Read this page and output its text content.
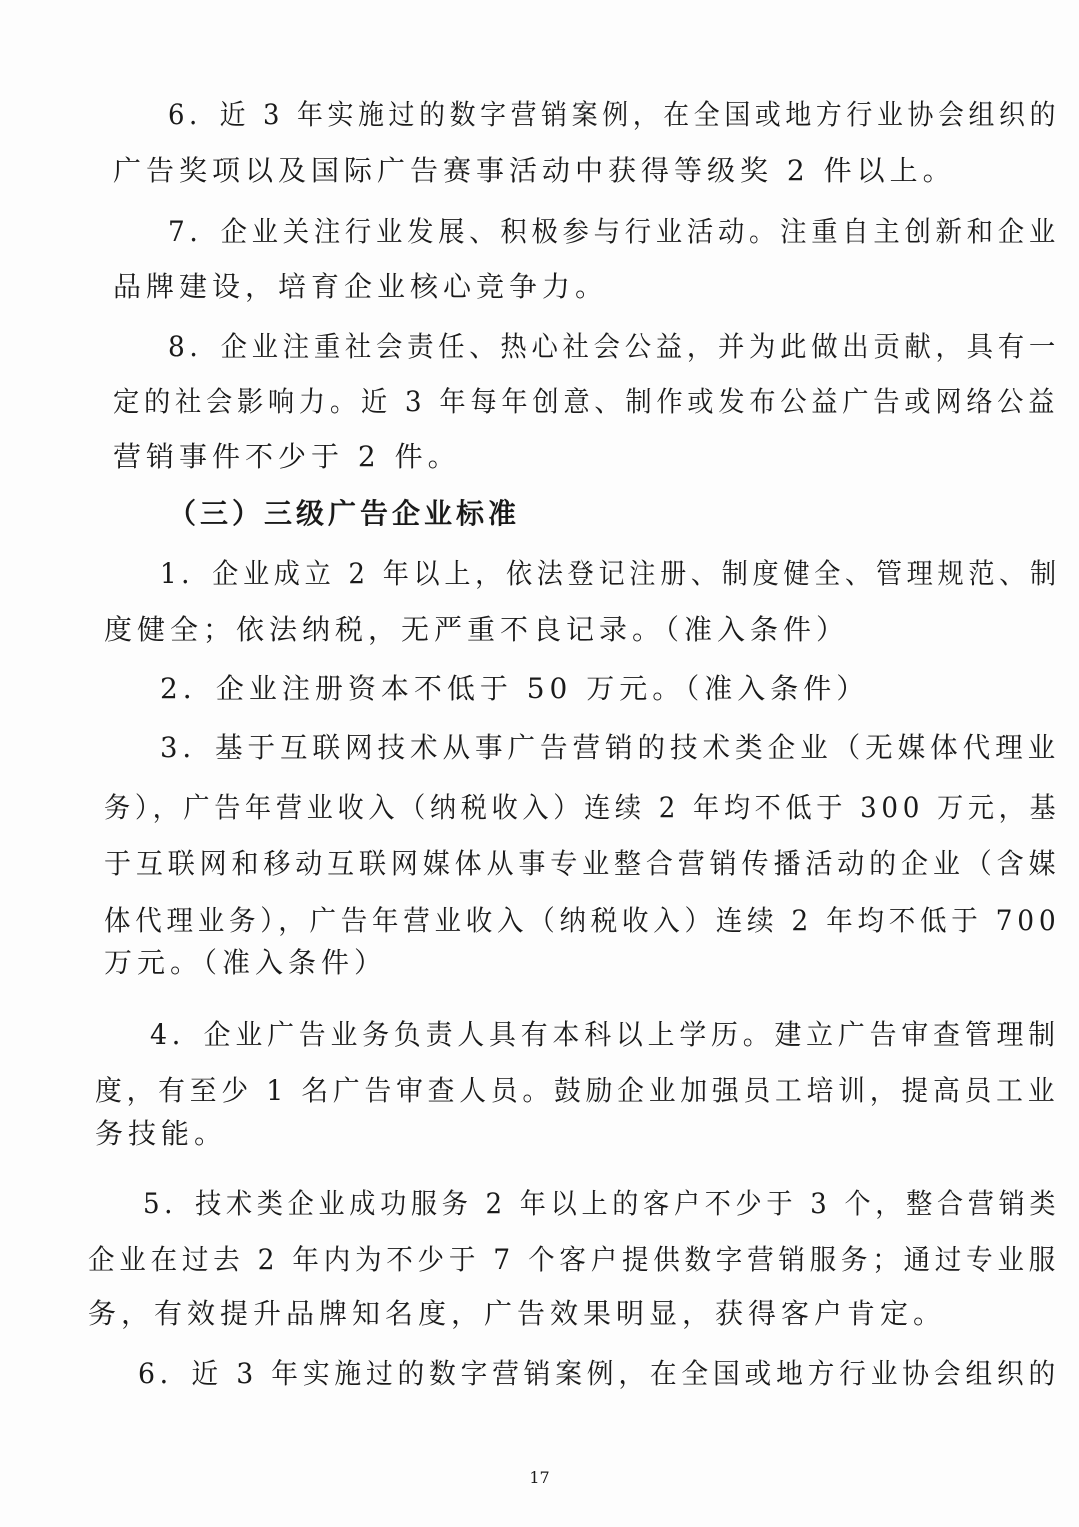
6．近 3 年实施过的数字营销案例，在全国或地方行业协会组织的

广告奖项以及国际广告赛事活动中获得等级奖 2 件以上。

7．企业关注行业发展、积极参与行业活动。注重自主创新和企业

品牌建设，培育企业核心竞争力。

8．企业注重社会责任、热心社会公益，并为此做出贡献，具有一

定的社会影响力。近 3 年每年创意、制作或发布公益广告或网络公益

营销事件不少于 2 件。

（三）三级广告企业标准

1．企业成立 2 年以上，依法登记注册、制度健全、管理规范、制

度健全；依法纳税，无严重不良记录。（准入条件）

2．企业注册资本不低于 50 万元。（准入条件）

3．基于互联网技术从事广告营销的技术类企业（无媒体代理业

务），广告年营业收入（纳税收入）连续 2 年均不低于 300 万元，基

于互联网和移动互联网媒体从事专业整合营销传播活动的企业（含媒

体代理业务），广告年营业收入（纳税收入）连续 2 年均不低于 700

万元。（准入条件）

4．企业广告业务负责人具有本科以上学历。建立广告审查管理制

度，有至少 1 名广告审查人员。鼓励企业加强员工培训，提高员工业

务技能。

5．技术类企业成功服务 2 年以上的客户不少于 3 个，整合营销类

企业在过去 2 年内为不少于 7 个客户提供数字营销服务；通过专业服

务，有效提升品牌知名度，广告效果明显，获得客户肯定。

6．近 3 年实施过的数字营销案例，在全国或地方行业协会组织的

17
